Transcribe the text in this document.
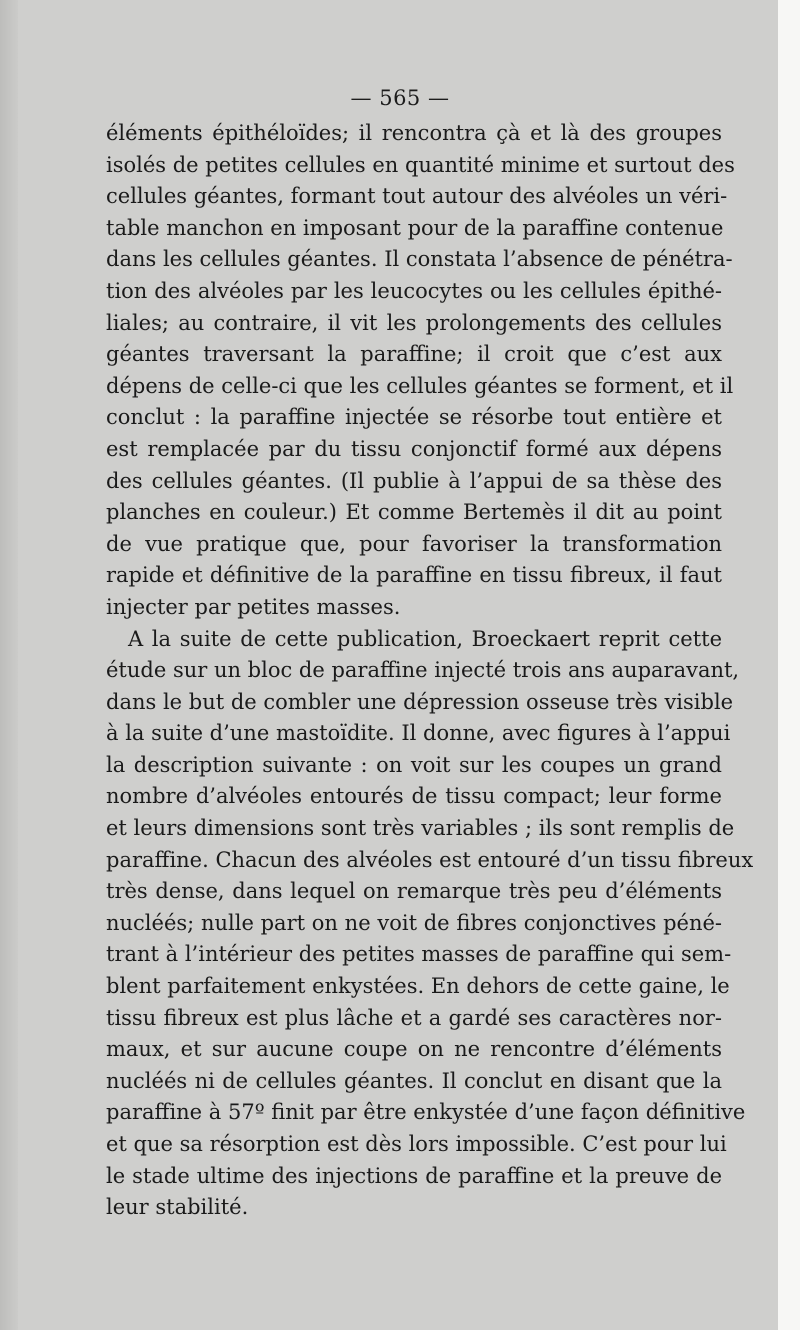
— 565 —
éléments épithéloïdes; il rencontra çà et là des groupes
isolés de petites cellules en quantité minime et surtout des
cellules géantes, formant tout autour des alvéoles un véri-
table manchon en imposant pour de la paraffine contenue
dans les cellules géantes. Il constata l’absence de pénétra-
tion des alvéoles par les leucocytes ou les cellules épithé-
liales; au contraire, il vit les prolongements des cellules
géantes traversant la paraffine; il croit que c’est aux
dépens de celle-ci que les cellules géantes se forment, et il
conclut : la paraffine injectée se résorbe tout entière et
est remplacée par du tissu conjonctif formé aux dépens
des cellules géantes. (Il publie à l’appui de sa thèse des
planches en couleur.) Et comme Bertemès il dit au point
de vue pratique que, pour favoriser la transformation
rapide et définitive de la paraffine en tissu fibreux, il faut
injecter par petites masses.
A la suite de cette publication, Broeckaert reprit cette
étude sur un bloc de paraffine injecté trois ans auparavant,
dans le but de combler une dépression osseuse très visible
à la suite d’une mastoïdite. Il donne, avec figures à l’appui
la description suivante : on voit sur les coupes un grand
nombre d’alvéoles entourés de tissu compact; leur forme
et leurs dimensions sont très variables ; ils sont remplis de
paraffine. Chacun des alvéoles est entouré d’un tissu fibreux
très dense, dans lequel on remarque très peu d’éléments
nucléés; nulle part on ne voit de fibres conjonctives péné-
trant à l’intérieur des petites masses de paraffine qui sem-
blent parfaitement enkystées. En dehors de cette gaine, le
tissu fibreux est plus lâche et a gardé ses caractères nor-
maux, et sur aucune coupe on ne rencontre d’éléments
nucléés ni de cellules géantes. Il conclut en disant que la
paraffine à 57º finit par être enkystée d’une façon définitive
et que sa résorption est dès lors impossible. C’est pour lui
le stade ultime des injections de paraffine et la preuve de
leur stabilité.
